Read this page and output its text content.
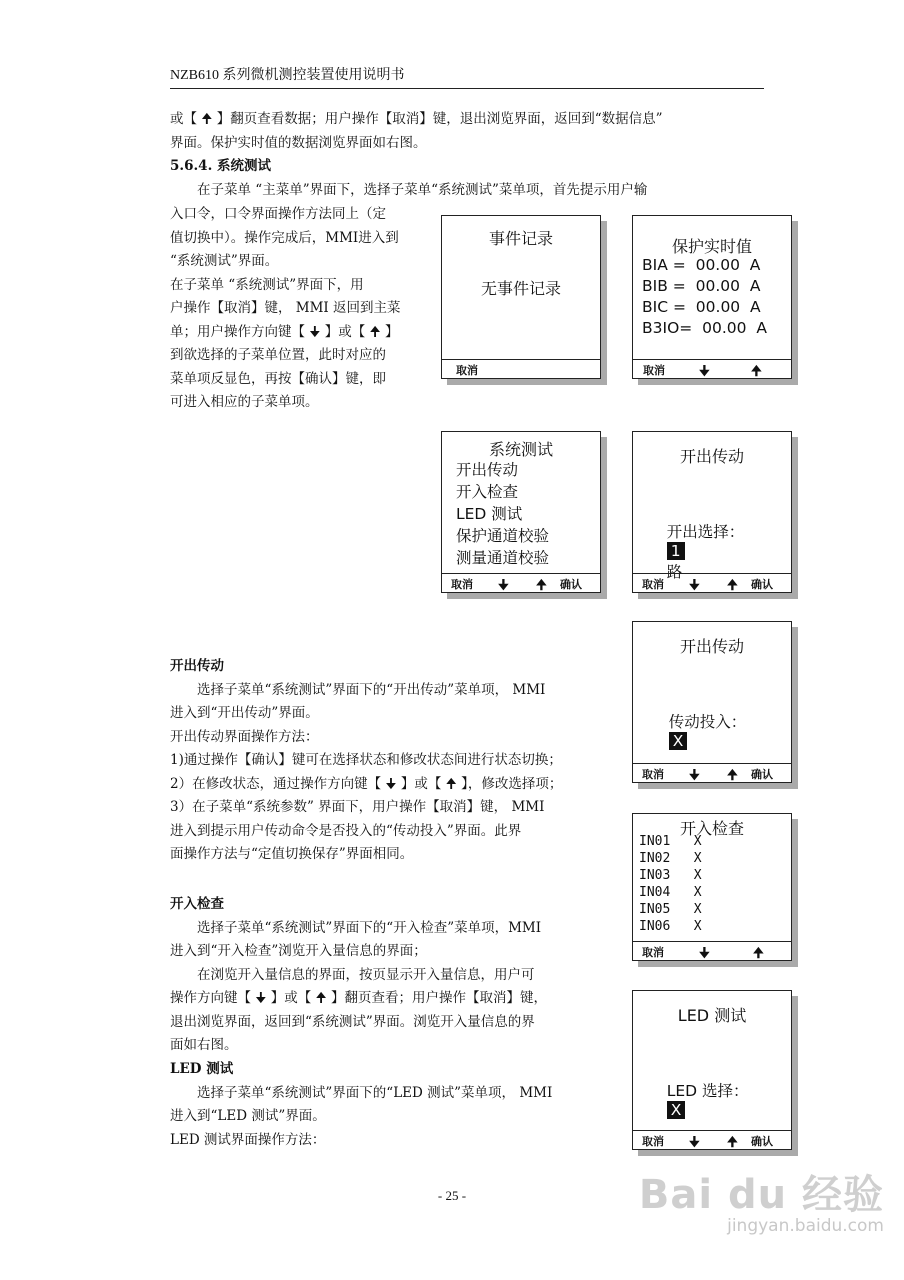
NZB610 系列微机测控装置使用说明书

或【 🠉 】翻页查看数据；用户操作【取消】键，退出浏览界面，返回到“数据信息”

界面。保护实时值的数据浏览界面如右图。

5.6.4. 系统测试

在子菜单 “主菜单”界面下，选择子菜单“系统测试”菜单项，首先提示用户输

入口令，口令界面操作方法同上（定

值切换中）。操作完成后，MMI进入到

“系统测试”界面。

在子菜单 “系统测试”界面下，用

户操作【取消】键， MMI 返回到主菜

单；用户操作方向键【 🠋 】或【 🠉 】

到欲选择的子菜单位置，此时对应的

菜单项反显色，再按【确认】键，即

可进入相应的子菜单项。

开出传动

选择子菜单“系统测试”界面下的“开出传动”菜单项， MMI

进入到“开出传动”界面。

开出传动界面操作方法：

1)通过操作【确认】键可在选择状态和修改状态间进行状态切换；

2）在修改状态，通过操作方向键【 🠋 】或【 🠉 】，修改选择项；

3）在子菜单“系统参数” 界面下，用户操作【取消】键， MMI

进入到提示用户传动命令是否投入的“传动投入”界面。此界

面操作方法与“定值切换保存”界面相同。

开入检查

选择子菜单“系统测试”界面下的“开入检查”菜单项，MMI

进入到“开入检查”浏览开入量信息的界面；

在浏览开入量信息的界面，按页显示开入量信息，用户可

操作方向键【 🠋 】或【 🠉 】翻页查看；用户操作【取消】键，

退出浏览界面，返回到“系统测试”界面。浏览开入量信息的界

面如右图。

LED 测试

选择子菜单“系统测试”界面下的“LED 测试”菜单项， MMI

进入到“LED 测试”界面。

LED 测试界面操作方法：

事件记录
无事件记录
取消
保护实时值
BIA =  00.00  A
BIB =  00.00  A
BIC =  00.00  A
B3IO=  00.00  A
取消	🠋	🠉
系统测试
开出传动
开入检查
LED 测试
保护通道校验
测量通道校验
取消 🠋 🠉 确认
开出传动

开出选择：
1
路

取消 🠋 🠉 确认
开出传动

传动投入：
X

取消 🠋 🠉 确认
开入检查
IN01   X
IN02   X
IN03   X
IN04   X
IN05   X
IN06   X
取消	🠋	🠉
LED 测试

LED 选择：
X

取消 🠋 🠉 确认
- 25 -	Bai du 经验
jingyan.baidu.com
